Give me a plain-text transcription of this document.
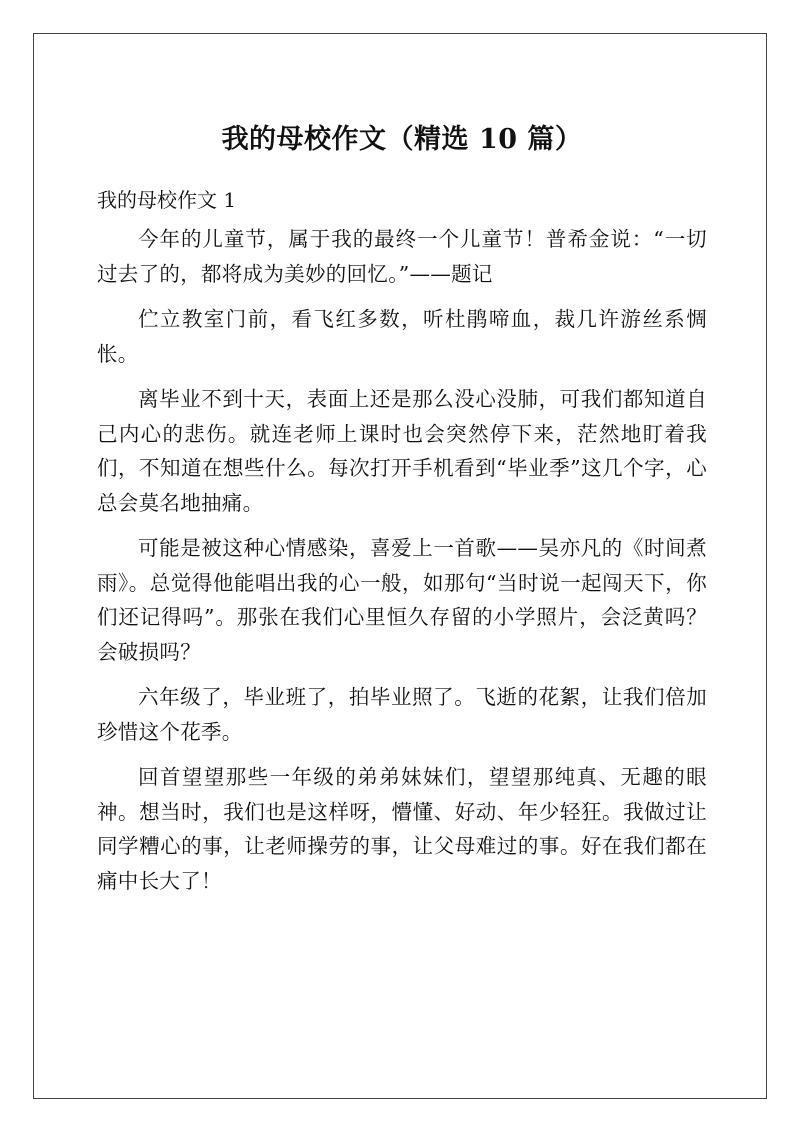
我的母校作文（精选 10 篇）
我的母校作文 1

今年的儿童节，属于我的最终一个儿童节！普希金说：“一切过去了的，都将成为美妙的回忆。”——题记

伫立教室门前，看飞红多数，听杜鹃啼血，裁几许游丝系惆怅。

离毕业不到十天，表面上还是那么没心没肺，可我们都知道自己内心的悲伤。就连老师上课时也会突然停下来，茫然地盯着我们，不知道在想些什么。每次打开手机看到“毕业季”这几个字，心总会莫名地抽痛。

可能是被这种心情感染，喜爱上一首歌——吴亦凡的《时间煮雨》。总觉得他能唱出我的心一般，如那句“当时说一起闯天下，你们还记得吗”。那张在我们心里恒久存留的小学照片，会泛黄吗？会破损吗？

六年级了，毕业班了，拍毕业照了。飞逝的花絮，让我们倍加珍惜这个花季。

回首望望那些一年级的弟弟妹妹们，望望那纯真、无趣的眼神。想当时，我们也是这样呀，懵懂、好动、年少轻狂。我做过让同学糟心的事，让老师操劳的事，让父母难过的事。好在我们都在痛中长大了！
